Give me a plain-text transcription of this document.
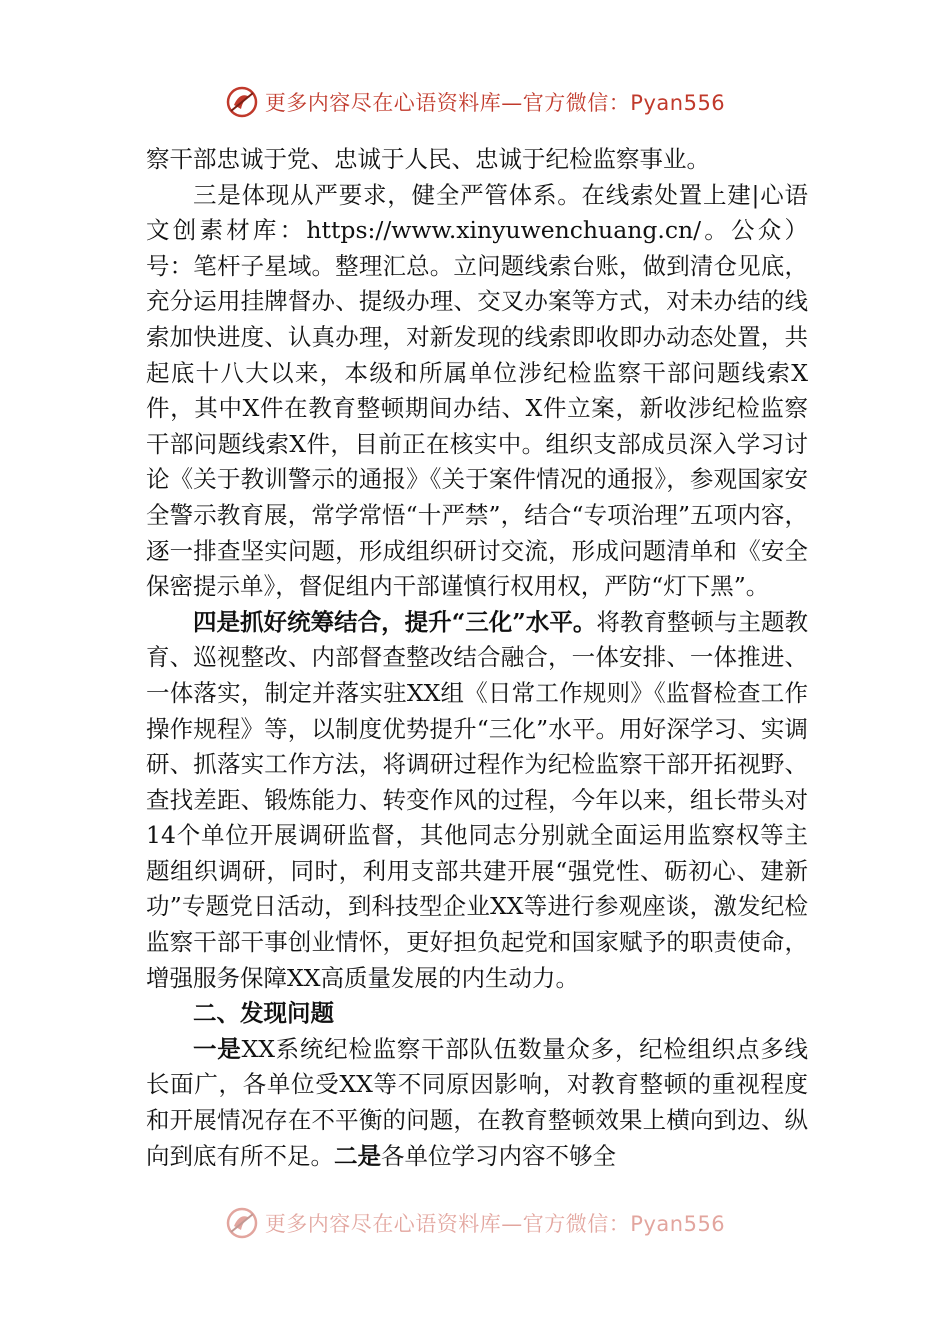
更多内容尽在心语资料库—官方微信：Pyan556

察干部忠诚于党、忠诚于人民、忠诚于纪检监察事业。

三是体现从严要求，健全严管体系。在线索处置上建|心语文创素材库：https://www.xinyuwenchuang.cn/。公众）号：笔杆子星域。整理汇总。立问题线索台账，做到清仓见底，充分运用挂牌督办、提级办理、交叉办案等方式，对未办结的线索加快进度、认真办理，对新发现的线索即收即办动态处置，共起底十八大以来，本级和所属单位涉纪检监察干部问题线索X件，其中X件在教育整顿期间办结、X件立案，新收涉纪检监察干部问题线索X件，目前正在核实中。组织支部成员深入学习讨论《关于教训警示的通报》《关于案件情况的通报》，参观国家安全警示教育展，常学常悟“十严禁”，结合“专项治理”五项内容，逐一排查坚实问题，形成组织研讨交流，形成问题清单和《安全保密提示单》，督促组内干部谨慎行权用权，严防“灯下黑”。

四是抓好统筹结合，提升“三化”水平。将教育整顿与主题教育、巡视整改、内部督查整改结合融合，一体安排、一体推进、一体落实，制定并落实驻XX组《日常工作规则》《监督检查工作操作规程》等，以制度优势提升“三化”水平。用好深学习、实调研、抓落实工作方法，将调研过程作为纪检监察干部开拓视野、查找差距、锻炼能力、转变作风的过程，今年以来，组长带头对14个单位开展调研监督，其他同志分别就全面运用监察权等主题组织调研，同时，利用支部共建开展“强党性、砺初心、建新功”专题党日活动，到科技型企业XX等进行参观座谈，激发纪检监察干部干事创业情怀，更好担负起党和国家赋予的职责使命，增强服务保障XX高质量发展的内生动力。

二、发现问题

一是XX系统纪检监察干部队伍数量众多，纪检组织点多线长面广，各单位受XX等不同原因影响，对教育整顿的重视程度和开展情况存在不平衡的问题，在教育整顿效果上横向到边、纵向到底有所不足。二是各单位学习内容不够全

更多内容尽在心语资料库—官方微信：Pyan556
